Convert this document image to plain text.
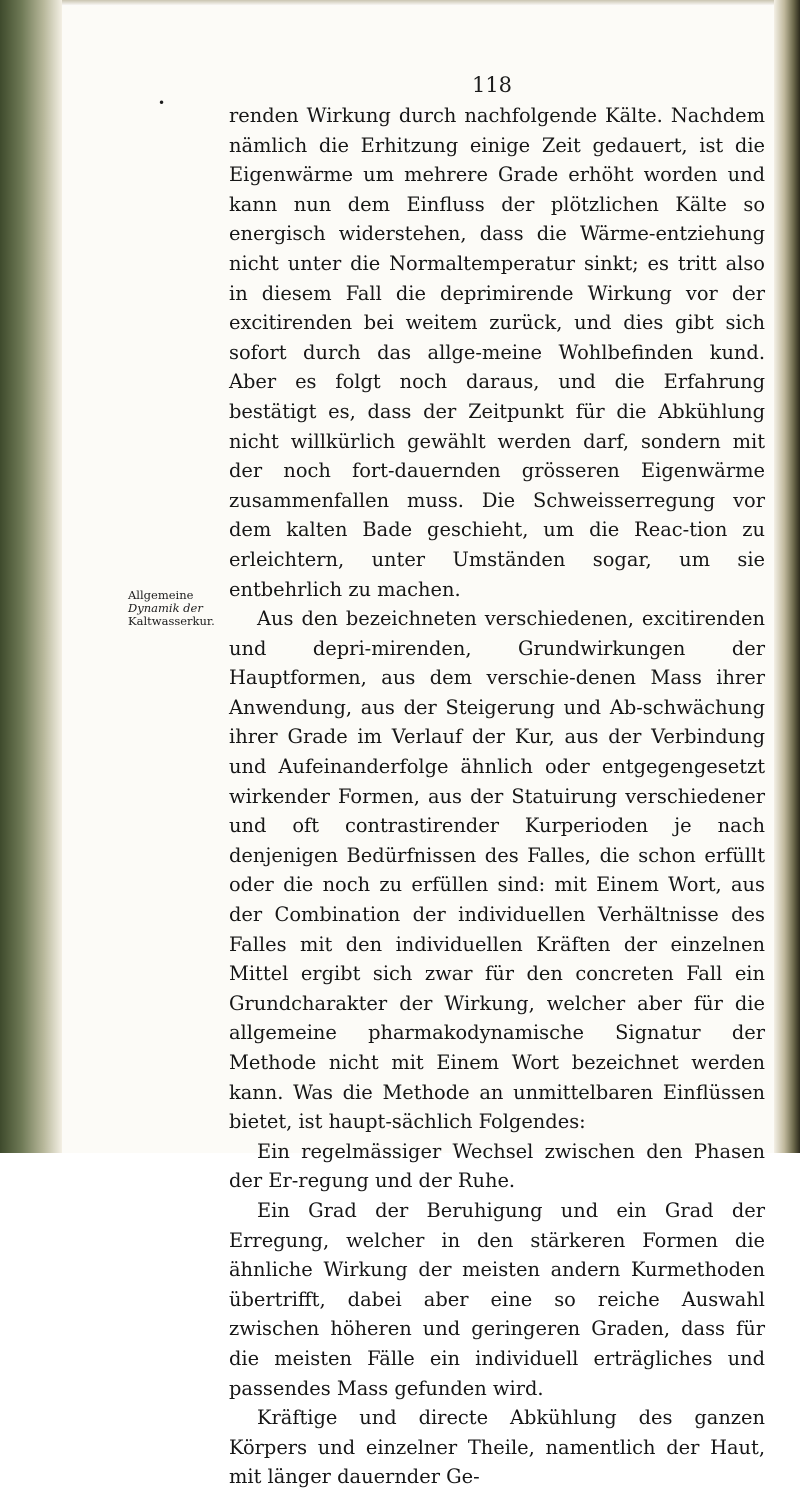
118
•
Allgemeine
Dynamik der
Kaltwasserkur.

renden Wirkung durch nachfolgende Kälte. Nachdem nämlich die Erhitzung einige Zeit gedauert, ist die Eigenwärme um mehrere Grade erhöht worden und kann nun dem Einfluss der plötzlichen Kälte so energisch widerstehen, dass die Wärme-entziehung nicht unter die Normaltemperatur sinkt; es tritt also in diesem Fall die deprimirende Wirkung vor der excitirenden bei weitem zurück, und dies gibt sich sofort durch das allge-meine Wohlbefinden kund. Aber es folgt noch daraus, und die Erfahrung bestätigt es, dass der Zeitpunkt für die Abkühlung nicht willkürlich gewählt werden darf, sondern mit der noch fort-dauernden grösseren Eigenwärme zusammenfallen muss. Die Schweisserregung vor dem kalten Bade geschieht, um die Reac-tion zu erleichtern, unter Umständen sogar, um sie entbehrlich zu machen.

Aus den bezeichneten verschiedenen, excitirenden und depri-mirenden, Grundwirkungen der Hauptformen, aus dem verschie-denen Mass ihrer Anwendung, aus der Steigerung und Ab-schwächung ihrer Grade im Verlauf der Kur, aus der Verbindung und Aufeinanderfolge ähnlich oder entgegengesetzt wirkender Formen, aus der Statuirung verschiedener und oft contrastirender Kurperioden je nach denjenigen Bedürfnissen des Falles, die schon erfüllt oder die noch zu erfüllen sind: mit Einem Wort, aus der Combination der individuellen Verhältnisse des Falles mit den individuellen Kräften der einzelnen Mittel ergibt sich zwar für den concreten Fall ein Grundcharakter der Wirkung, welcher aber für die allgemeine pharmakodynamische Signatur der Methode nicht mit Einem Wort bezeichnet werden kann. Was die Methode an unmittelbaren Einflüssen bietet, ist haupt-sächlich Folgendes:

Ein regelmässiger Wechsel zwischen den Phasen der Er-regung und der Ruhe.

Ein Grad der Beruhigung und ein Grad der Erregung, welcher in den stärkeren Formen die ähnliche Wirkung der meisten andern Kurmethoden übertrifft, dabei aber eine so reiche Auswahl zwischen höheren und geringeren Graden, dass für die meisten Fälle ein individuell erträgliches und passendes Mass gefunden wird.

Kräftige und directe Abkühlung des ganzen Körpers und einzelner Theile, namentlich der Haut, mit länger dauernder Ge-
